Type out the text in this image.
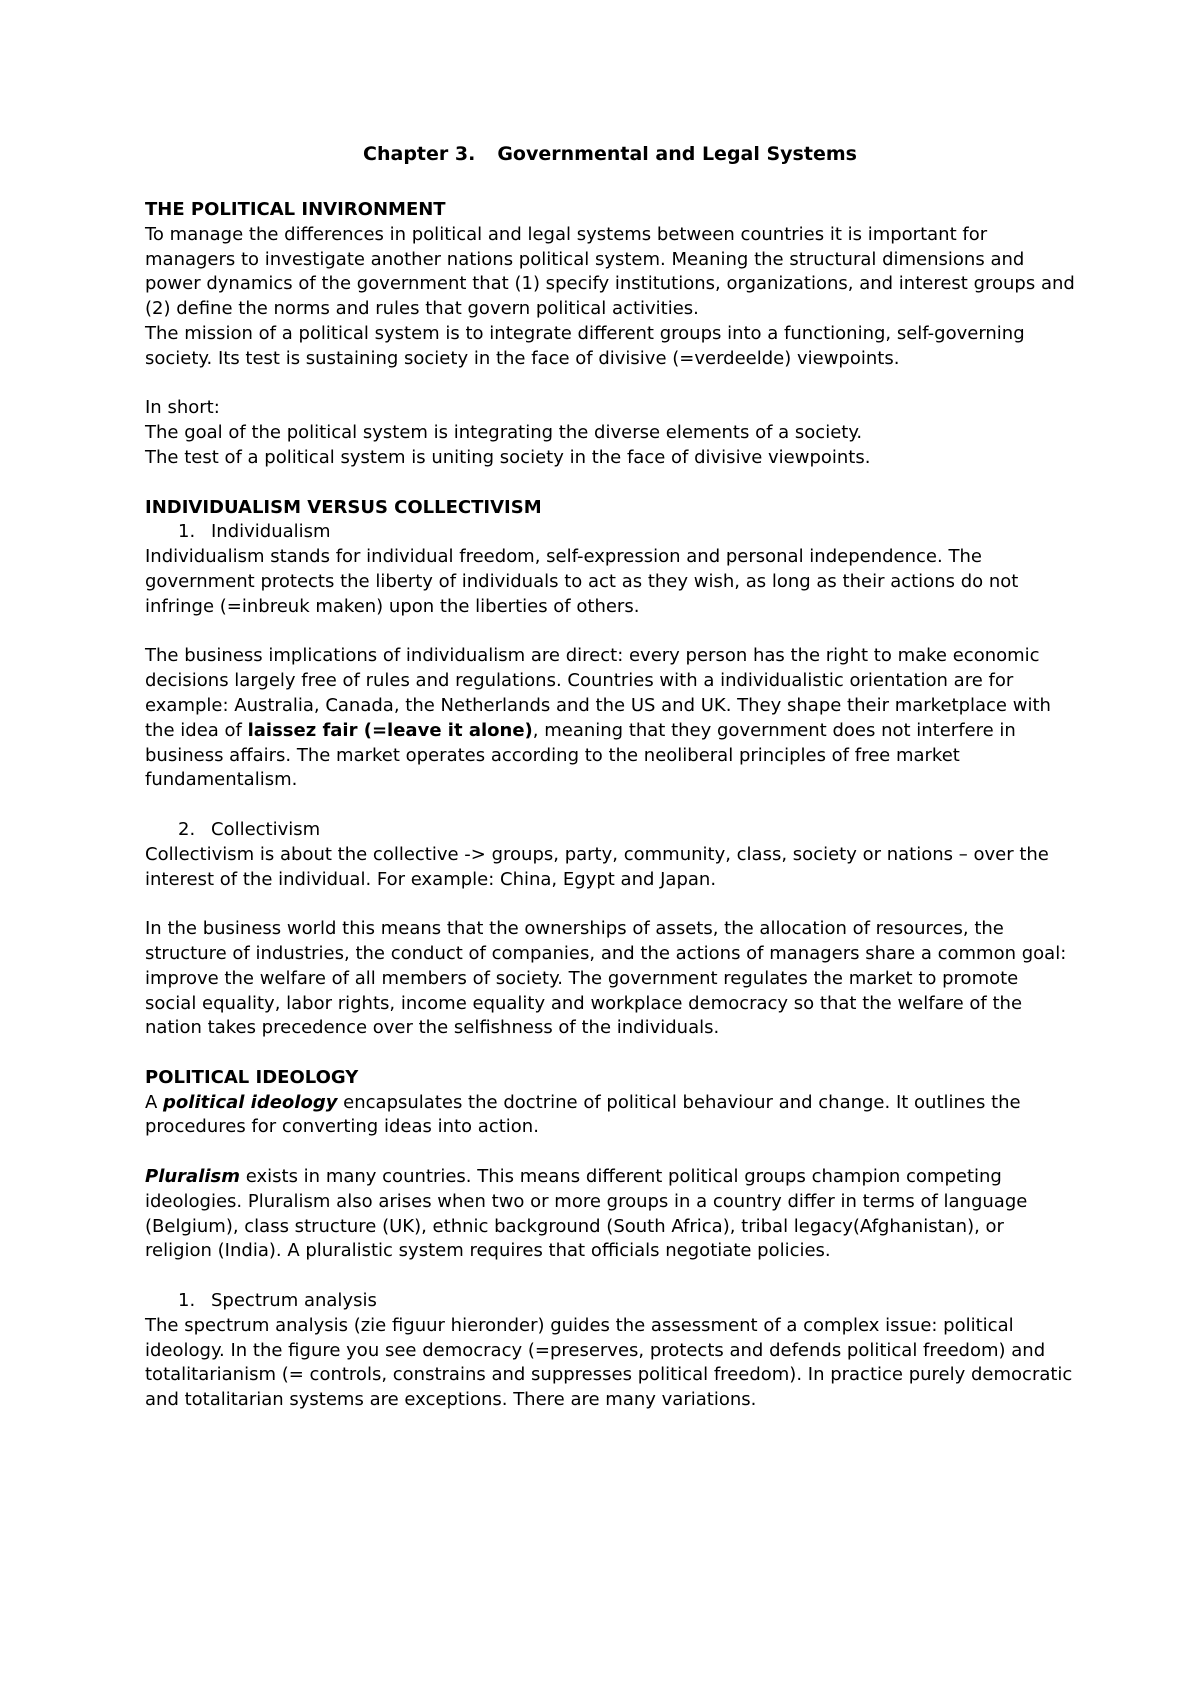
Chapter 3. Governmental and Legal Systems
THE POLITICAL INVIRONMENT

To manage the differences in political and legal systems between countries it is important for managers to investigate another nations political system. Meaning the structural dimensions and power dynamics of the government that (1) specify institutions, organizations, and interest groups and (2) define the norms and rules that govern political activities.

The mission of a political system is to integrate different groups into a functioning, self-governing society. Its test is sustaining society in the face of divisive (=verdeelde) viewpoints.

In short:

The goal of the political system is integrating the diverse elements of a society.

The test of a political system is uniting society in the face of divisive viewpoints.

INDIVIDUALISM VERSUS COLLECTIVISM
1. Individualism

Individualism stands for individual freedom, self-expression and personal independence. The government protects the liberty of individuals to act as they wish, as long as their actions do not infringe (=inbreuk maken) upon the liberties of others.

The business implications of individualism are direct: every person has the right to make economic decisions largely free of rules and regulations. Countries with a individualistic orientation are for example: Australia, Canada, the Netherlands and the US and UK. They shape their marketplace with the idea of laissez fair (=leave it alone), meaning that they government does not interfere in business affairs. The market operates according to the neoliberal principles of free market fundamentalism.

2. Collectivism

Collectivism is about the collective -> groups, party, community, class, society or nations – over the interest of the individual. For example: China, Egypt and Japan.

In the business world this means that the ownerships of assets, the allocation of resources, the structure of industries, the conduct of companies, and the actions of managers share a common goal: improve the welfare of all members of society. The government regulates the market to promote social equality, labor rights, income equality and workplace democracy so that the welfare of the nation takes precedence over the selfishness of the individuals.

POLITICAL IDEOLOGY

A political ideology encapsulates the doctrine of political behaviour and change. It outlines the procedures for converting ideas into action.

Pluralism exists in many countries. This means different political groups champion competing ideologies. Pluralism also arises when two or more groups in a country differ in terms of language (Belgium), class structure (UK), ethnic background (South Africa), tribal legacy(Afghanistan), or religion (India). A pluralistic system requires that officials negotiate policies.

1. Spectrum analysis

The spectrum analysis (zie figuur hieronder) guides the assessment of a complex issue: political ideology. In the figure you see democracy (=preserves, protects and defends political freedom) and totalitarianism (= controls, constrains and suppresses political freedom). In practice purely democratic and totalitarian systems are exceptions. There are many variations.
